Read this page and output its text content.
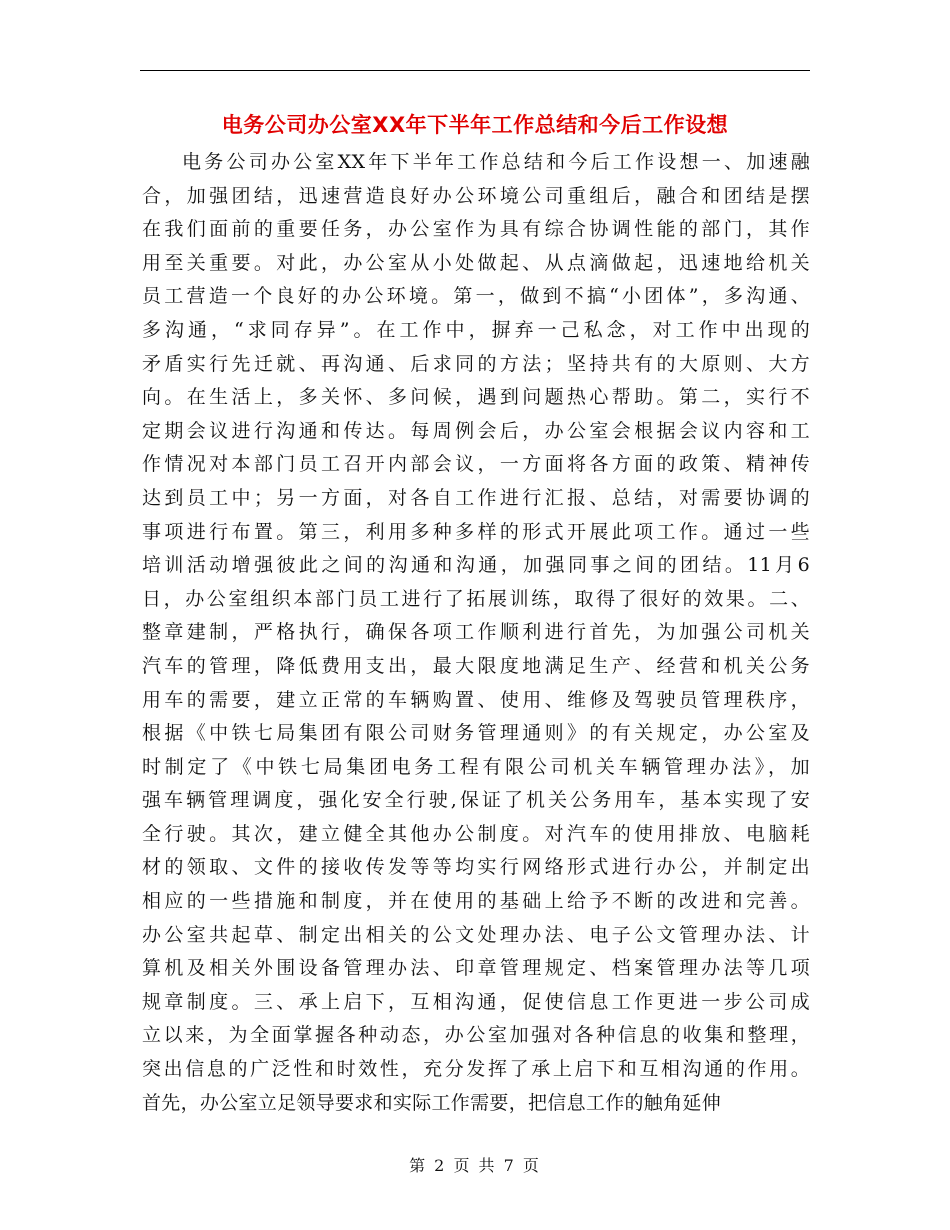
电务公司办公室XX年下半年工作总结和今后工作设想
电务公司办公室XX年下半年工作总结和今后工作设想一、加速融
合，加强团结，迅速营造良好办公环境公司重组后，融合和团结是摆
在我们面前的重要任务，办公室作为具有综合协调性能的部门，其作
用至关重要。对此，办公室从小处做起、从点滴做起，迅速地给机关
员工营造一个良好的办公环境。第一，做到不搞“小团体”，多沟通、
多沟通，“求同存异”。在工作中，摒弃一己私念，对工作中出现的
矛盾实行先迁就、再沟通、后求同的方法；坚持共有的大原则、大方
向。在生活上，多关怀、多问候，遇到问题热心帮助。第二，实行不
定期会议进行沟通和传达。每周例会后，办公室会根据会议内容和工
作情况对本部门员工召开内部会议，一方面将各方面的政策、精神传
达到员工中；另一方面，对各自工作进行汇报、总结，对需要协调的
事项进行布置。第三，利用多种多样的形式开展此项工作。通过一些
培训活动增强彼此之间的沟通和沟通，加强同事之间的团结。11月6
日，办公室组织本部门员工进行了拓展训练，取得了很好的效果。二、
整章建制，严格执行，确保各项工作顺利进行首先，为加强公司机关
汽车的管理，降低费用支出，最大限度地满足生产、经营和机关公务
用车的需要，建立正常的车辆购置、使用、维修及驾驶员管理秩序，
根据《中铁七局集团有限公司财务管理通则》的有关规定，办公室及
时制定了《中铁七局集团电务工程有限公司机关车辆管理办法》，加
强车辆管理调度，强化安全行驶,保证了机关公务用车，基本实现了安
全行驶。其次，建立健全其他办公制度。对汽车的使用排放、电脑耗
材的领取、文件的接收传发等等均实行网络形式进行办公，并制定出
相应的一些措施和制度，并在使用的基础上给予不断的改进和完善。
办公室共起草、制定出相关的公文处理办法、电子公文管理办法、计
算机及相关外围设备管理办法、印章管理规定、档案管理办法等几项
规章制度。三、承上启下，互相沟通，促使信息工作更进一步公司成
立以来，为全面掌握各种动态，办公室加强对各种信息的收集和整理，
突出信息的广泛性和时效性，充分发挥了承上启下和互相沟通的作用。
首先，办公室立足领导要求和实际工作需要，把信息工作的触角延伸
第 2 页 共 7 页
